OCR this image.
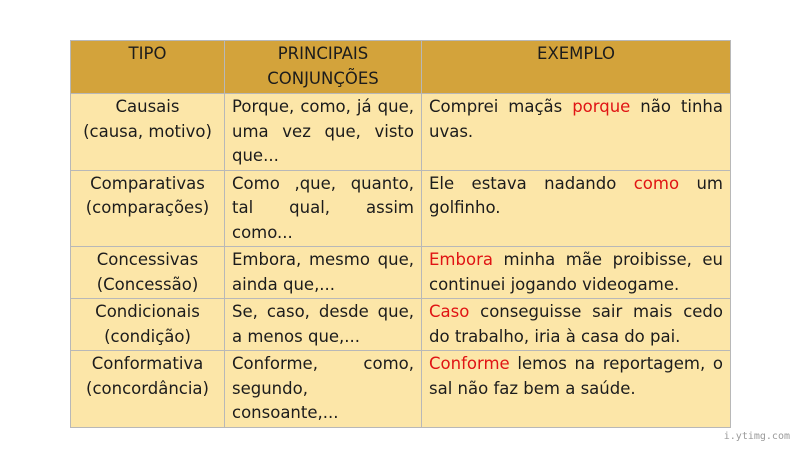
TIPO	PRINCIPAIS CONJUNÇÕES	EXEMPLO

Causais
(causa, motivo)	Porque, como, já que, uma vez que, visto que...	Comprei maçãs porque não tinha uvas.

Comparativas
(comparações)	Como ,que, quanto, tal qual, assim como...	Ele estava nadando como um golfinho.

Concessivas
(Concessão)	Embora, mesmo que, ainda que,...	Embora minha mãe proibisse, eu continuei jogando videogame.

Condicionais
(condição)	Se, caso, desde que, a menos que,...	Caso conseguisse sair mais cedo do trabalho, iria à casa do pai.

Conformativa
(concordância)	Conforme, como, segundo, consoante,...	Conforme lemos na reportagem, o sal não faz bem a saúde.
i.ytimg.com
